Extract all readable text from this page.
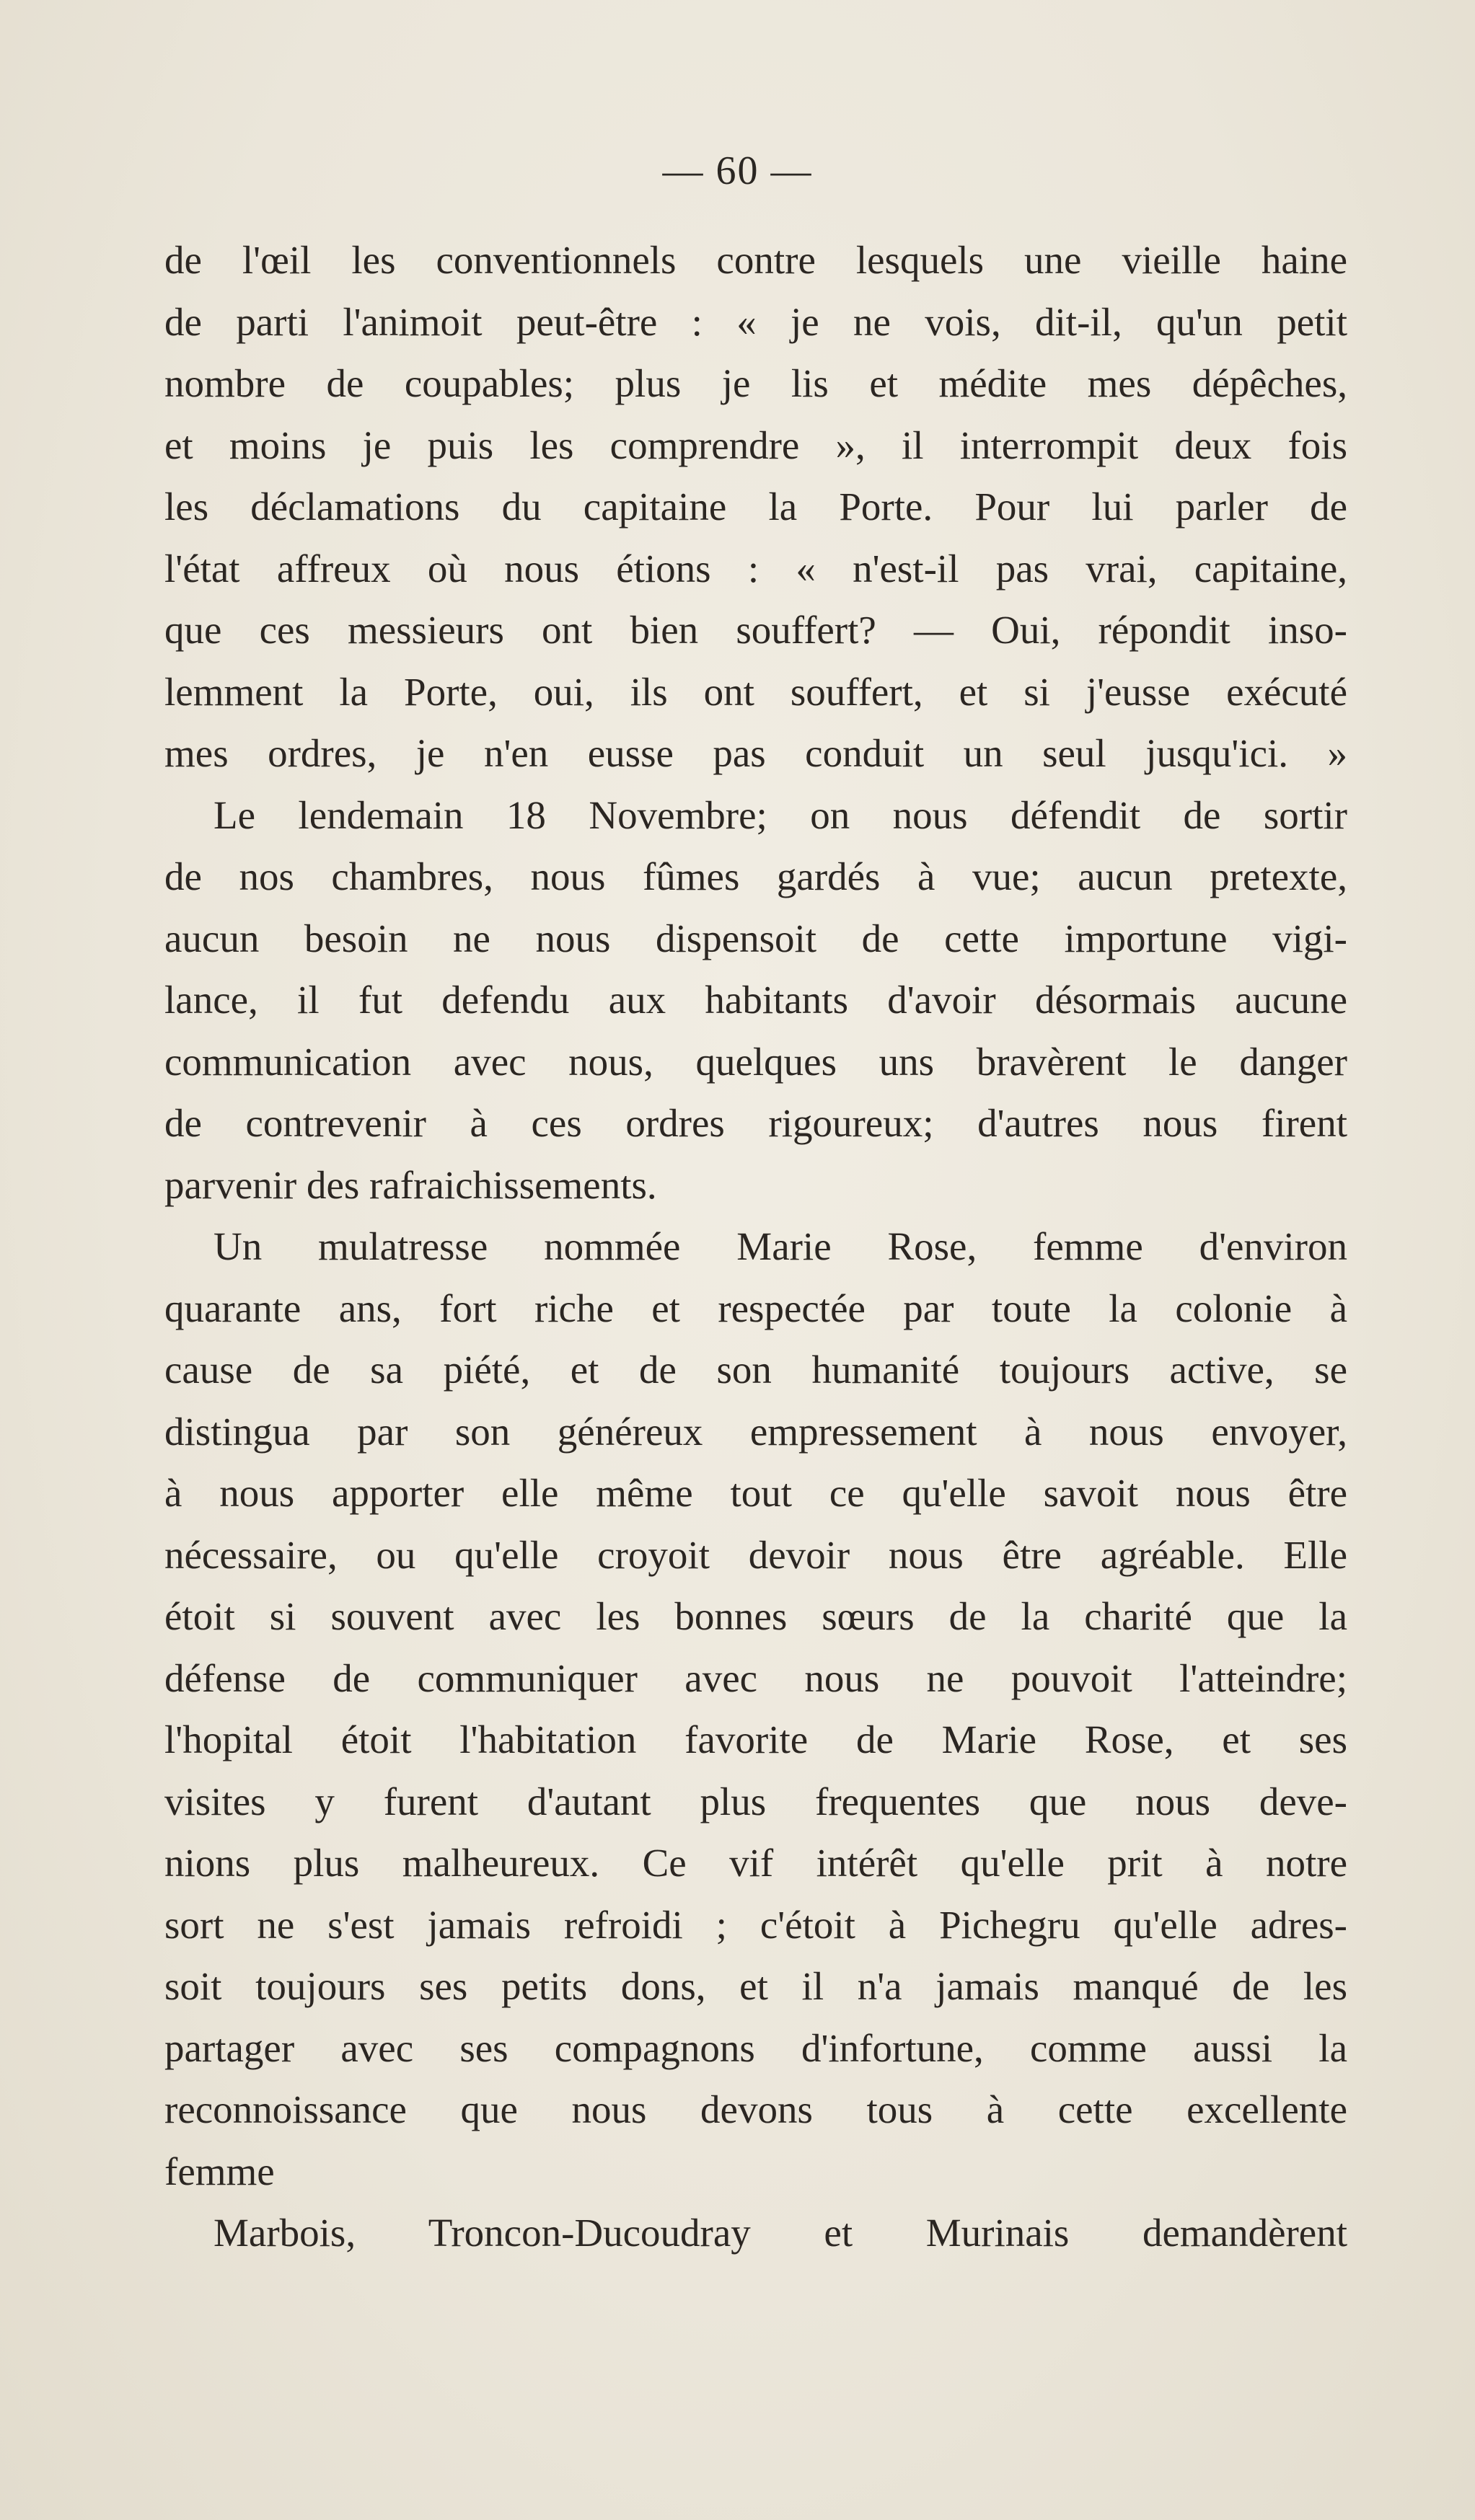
— 60 —
de l'œil les conventionnels contre lesquels une vieille haine
de parti l'animoit peut-être : « je ne vois, dit-il, qu'un petit
nombre de coupables; plus je lis et médite mes dépêches,
et moins je puis les comprendre », il interrompit deux fois
les déclamations du capitaine la Porte. Pour lui parler de
l'état affreux où nous étions : « n'est-il pas vrai, capitaine,
que ces messieurs ont bien souffert? — Oui, répondit inso-
lemment la Porte, oui, ils ont souffert, et si j'eusse exécuté
mes ordres, je n'en eusse pas conduit un seul jusqu'ici. »
Le lendemain 18 Novembre; on nous défendit de sortir
de nos chambres, nous fûmes gardés à vue; aucun pretexte,
aucun besoin ne nous dispensoit de cette importune vigi-
lance, il fut defendu aux habitants d'avoir désormais aucune
communication avec nous, quelques uns bravèrent le danger
de contrevenir à ces ordres rigoureux; d'autres nous firent
parvenir des rafraichissements.
Un mulatresse nommée Marie Rose, femme d'environ
quarante ans, fort riche et respectée par toute la colonie à
cause de sa piété, et de son humanité toujours active, se
distingua par son généreux empressement à nous envoyer,
à nous apporter elle même tout ce qu'elle savoit nous être
nécessaire, ou qu'elle croyoit devoir nous être agréable. Elle
étoit si souvent avec les bonnes sœurs de la charité que la
défense de communiquer avec nous ne pouvoit l'atteindre;
l'hopital étoit l'habitation favorite de Marie Rose, et ses
visites y furent d'autant plus frequentes que nous deve-
nions plus malheureux. Ce vif intérêt qu'elle prit à notre
sort ne s'est jamais refroidi ; c'étoit à Pichegru qu'elle adres-
soit toujours ses petits dons, et il n'a jamais manqué de les
partager avec ses compagnons d'infortune, comme aussi la
reconnoissance que nous devons tous à cette excellente
femme
Marbois, Troncon-Ducoudray et Murinais demandèrent
